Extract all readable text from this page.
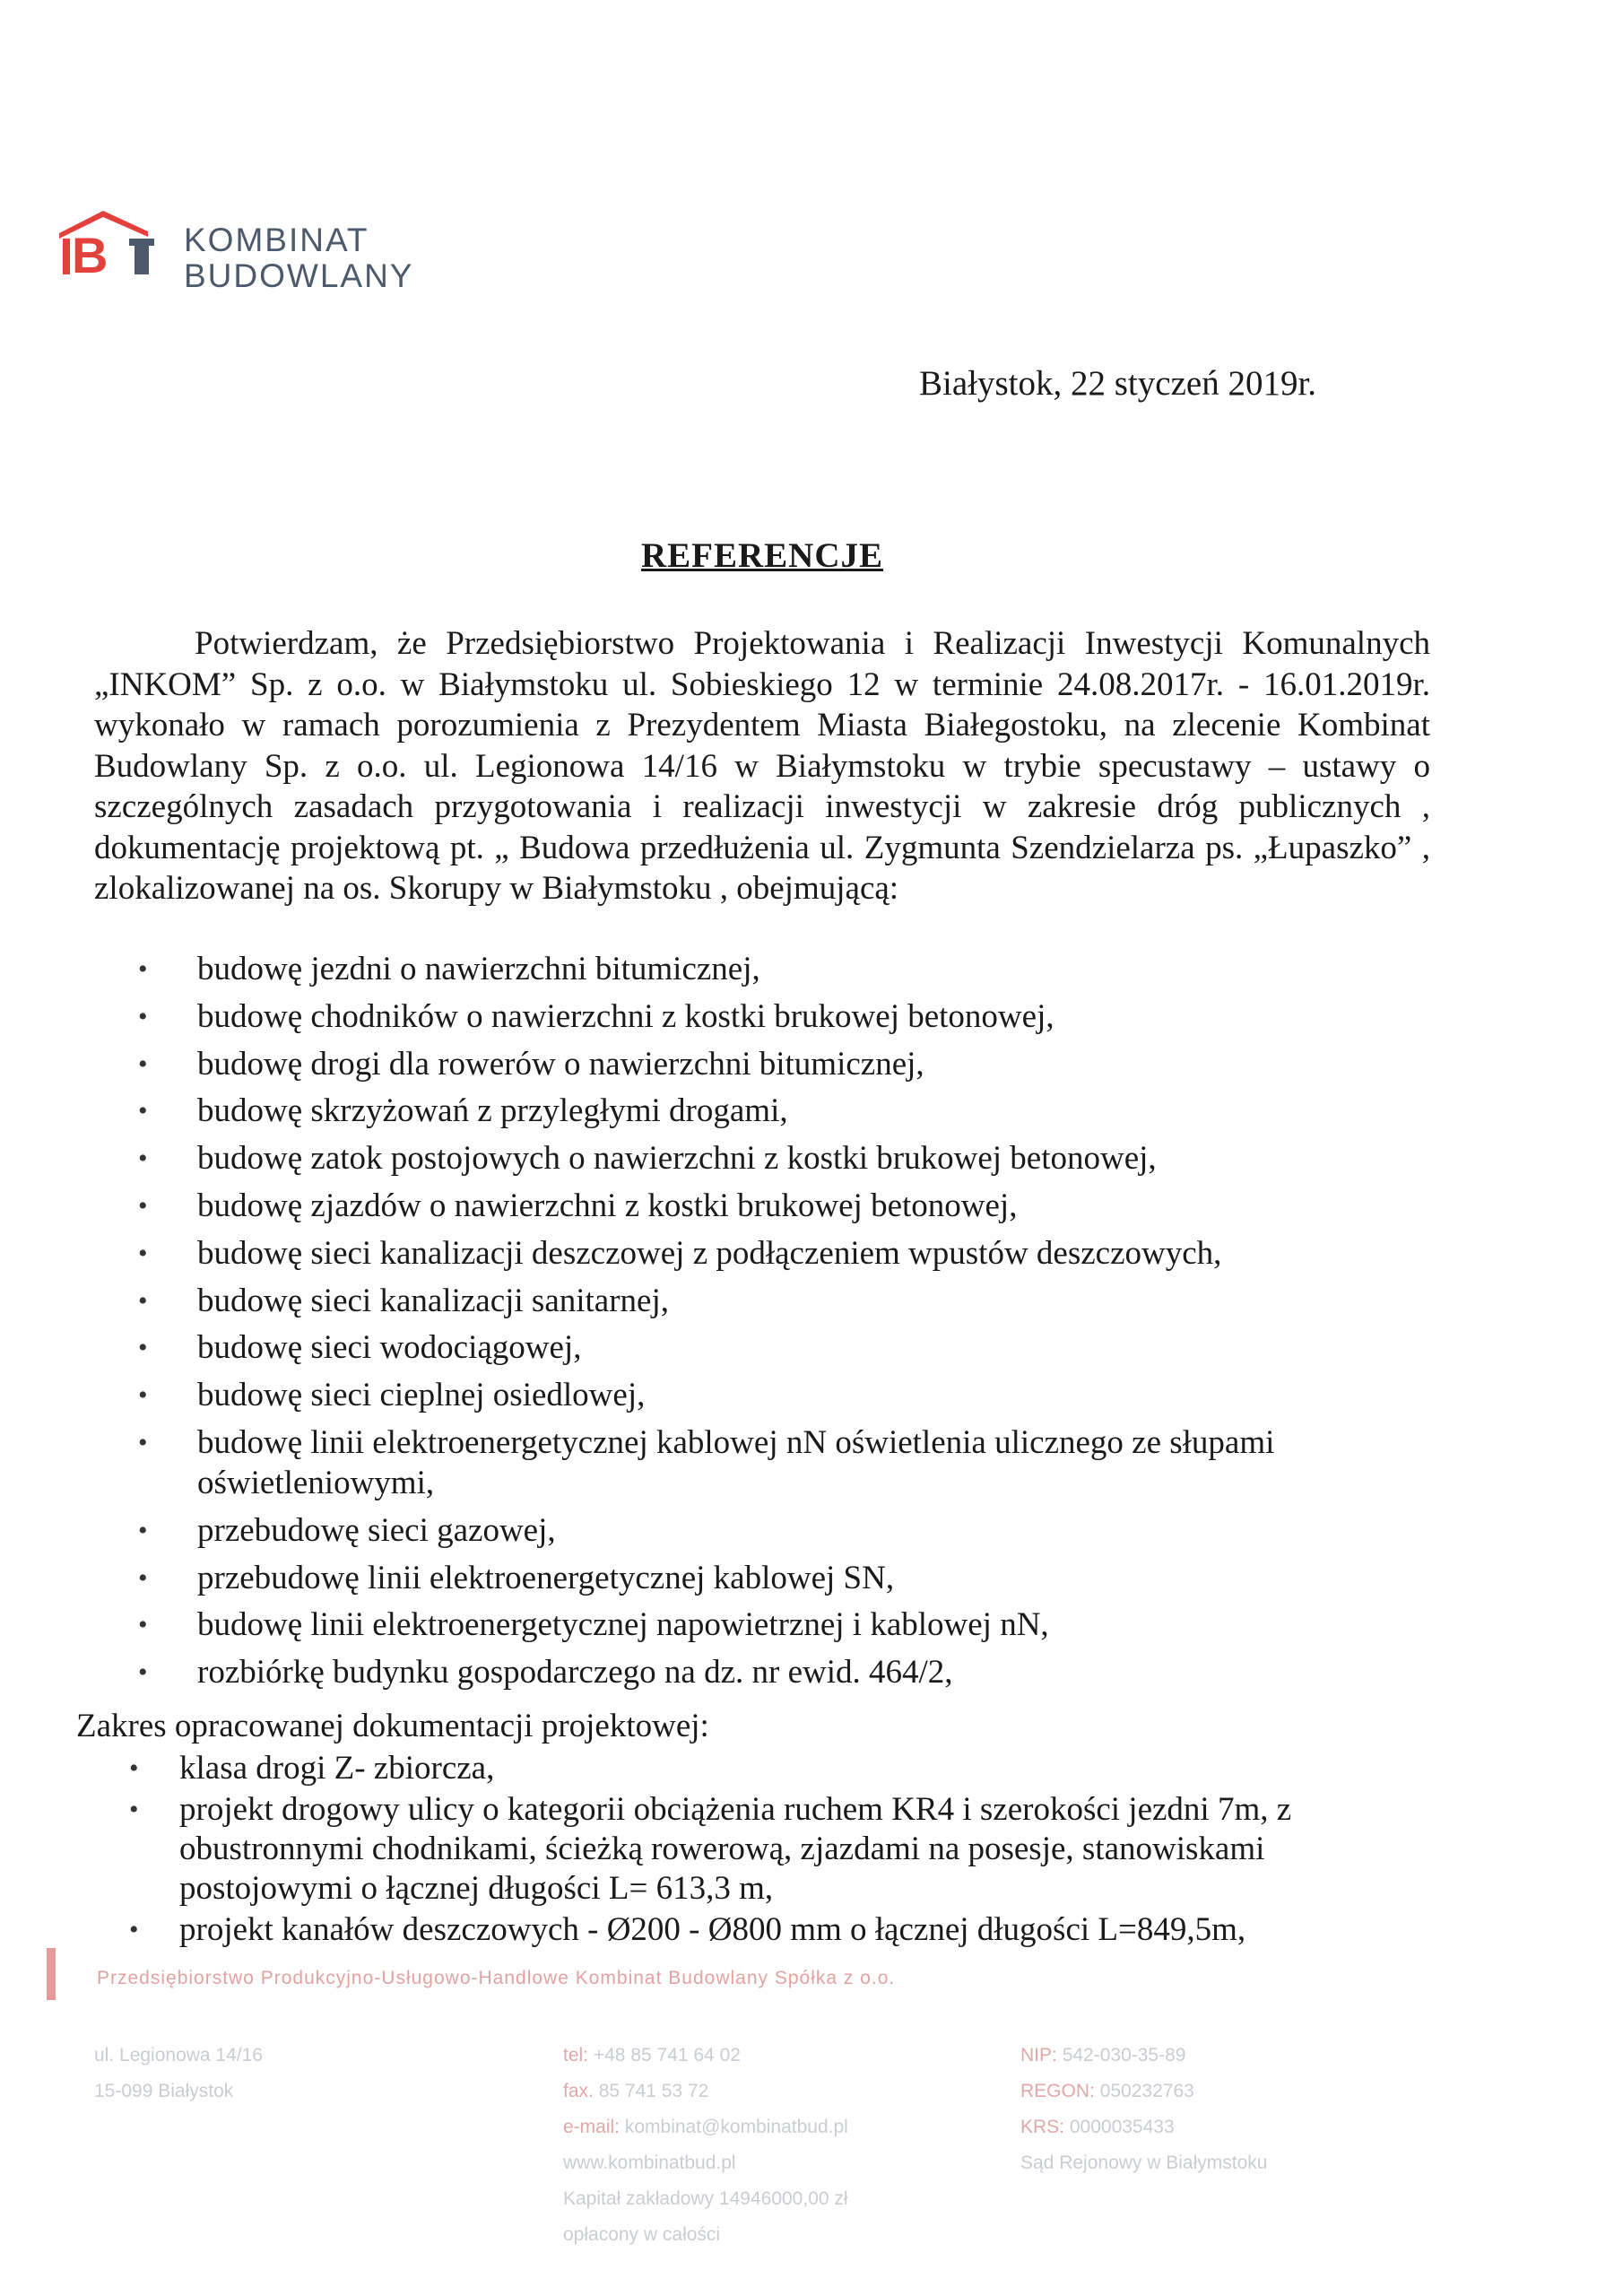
B KOMBINAT
BUDOWLANY
Białystok, 22 styczeń 2019r.
REFERENCJE
Potwierdzam, że Przedsiębiorstwo Projektowania i Realizacji Inwestycji Komunalnych „INKOM” Sp. z o.o. w Białymstoku ul. Sobieskiego 12 w terminie 24.08.2017r. - 16.01.2019r. wykonało w ramach porozumienia z Prezydentem Miasta Białegostoku, na zlecenie Kombinat Budowlany Sp. z o.o. ul. Legionowa 14/16 w Białymstoku w trybie specustawy – ustawy o szczególnych zasadach przygotowania i realizacji inwestycji w zakresie dróg publicznych , dokumentację projektową pt. „ Budowa przedłużenia ul. Zygmunta Szendzielarza ps. „Łupaszko” , zlokalizowanej na os. Skorupy w Białymstoku , obejmującą:
• budowę jezdni o nawierzchni bitumicznej,
• budowę chodników o nawierzchni z kostki brukowej betonowej,
• budowę drogi dla rowerów o nawierzchni bitumicznej,
• budowę skrzyżowań z przyległymi drogami,
• budowę zatok postojowych o nawierzchni z kostki brukowej betonowej,
• budowę zjazdów o nawierzchni z kostki brukowej betonowej,
• budowę sieci kanalizacji deszczowej z podłączeniem wpustów deszczowych,
• budowę sieci kanalizacji sanitarnej,
• budowę sieci wodociągowej,
• budowę sieci cieplnej osiedlowej,
• budowę linii elektroenergetycznej kablowej nN oświetlenia ulicznego ze słupami oświetleniowymi,
• przebudowę sieci gazowej,
• przebudowę linii elektroenergetycznej kablowej SN,
• budowę linii elektroenergetycznej napowietrznej i kablowej nN,
• rozbiórkę budynku gospodarczego na dz. nr ewid. 464/2,
Zakres opracowanej dokumentacji projektowej:
• klasa drogi Z- zbiorcza,
• projekt drogowy ulicy o kategorii obciążenia ruchem KR4 i szerokości jezdni 7m, z obustronnymi chodnikami, ścieżką rowerową, zjazdami na posesje, stanowiskami postojowymi o łącznej długości L= 613,3 m,
• projekt kanałów deszczowych - Ø200 - Ø800 mm o łącznej długości L=849,5m,
Przedsiębiorstwo Produkcyjno-Usługowo-Handlowe Kombinat Budowlany Spółka z o.o.
ul. Legionowa 14/16
15-099 Białystok
tel: +48 85 741 64 02
fax. 85 741 53 72
e-mail: kombinat@kombinatbud.pl
www.kombinatbud.pl
Kapitał zakładowy 14946000,00 zł
opłacony w całości
NIP: 542-030-35-89
REGON: 050232763
KRS: 0000035433
Sąd Rejonowy w Białymstoku
